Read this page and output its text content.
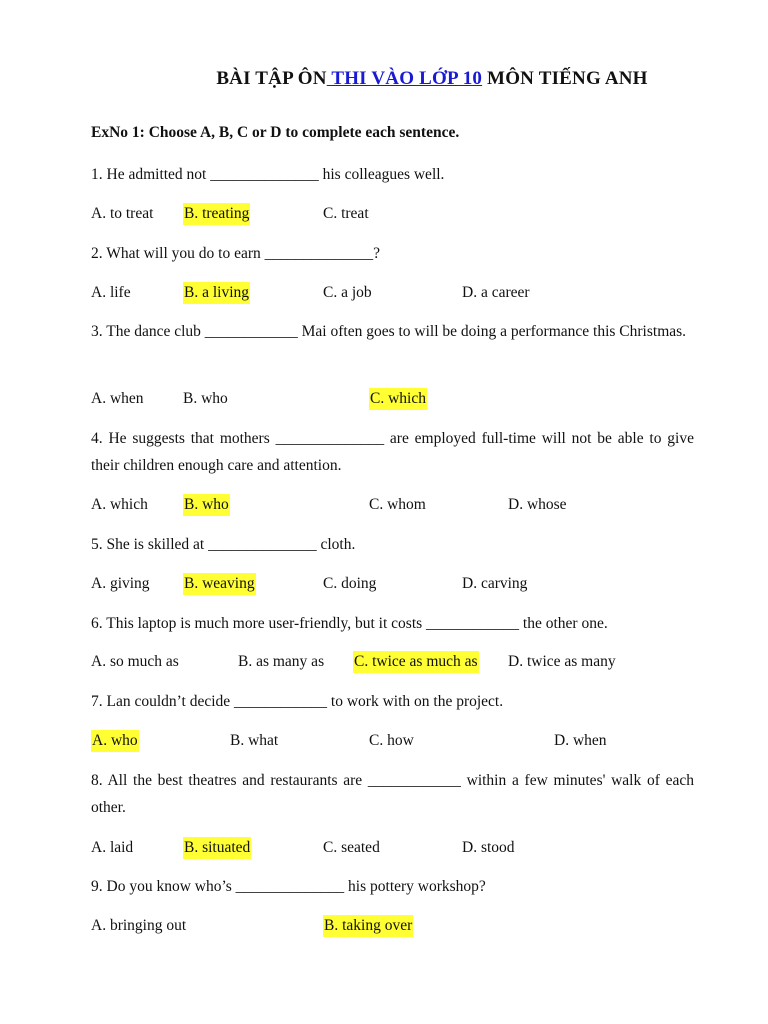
BÀI TẬP ÔN THI VÀO LỚP 10 MÔN TIẾNG ANH
ExNo 1: Choose A, B, C or D to complete each sentence.
1. He admitted not ______________ his colleagues well.
A. to treat B. treating	C. treat
2. What will you do to earn ______________?
A. life	B. a living	C. a job	D. a career
3. The dance club ____________ Mai often goes to will be doing a performance this Christmas.
A. when	B. who	C. which
4. He suggests that mothers ______________ are employed full-time will not be able to give their children enough care and attention.
A. which B. who	C. whom	D. whose
5. She is skilled at ______________ cloth.
A. giving B. weaving	C. doing	D. carving
6. This laptop is much more user-friendly, but it costs ____________ the other one.
A. so much as	B. as many as C. twice as much as D. twice as many
7. Lan couldn’t decide ____________ to work with on the project.
A. who	B. what	C. how	D. when
8. All the best theatres and restaurants are ____________ within a few minutes' walk of each other.
A. laid	B. situated	C. seated	D. stood
9. Do you know who’s ______________ his pottery workshop?
A. bringing out	B. taking over
